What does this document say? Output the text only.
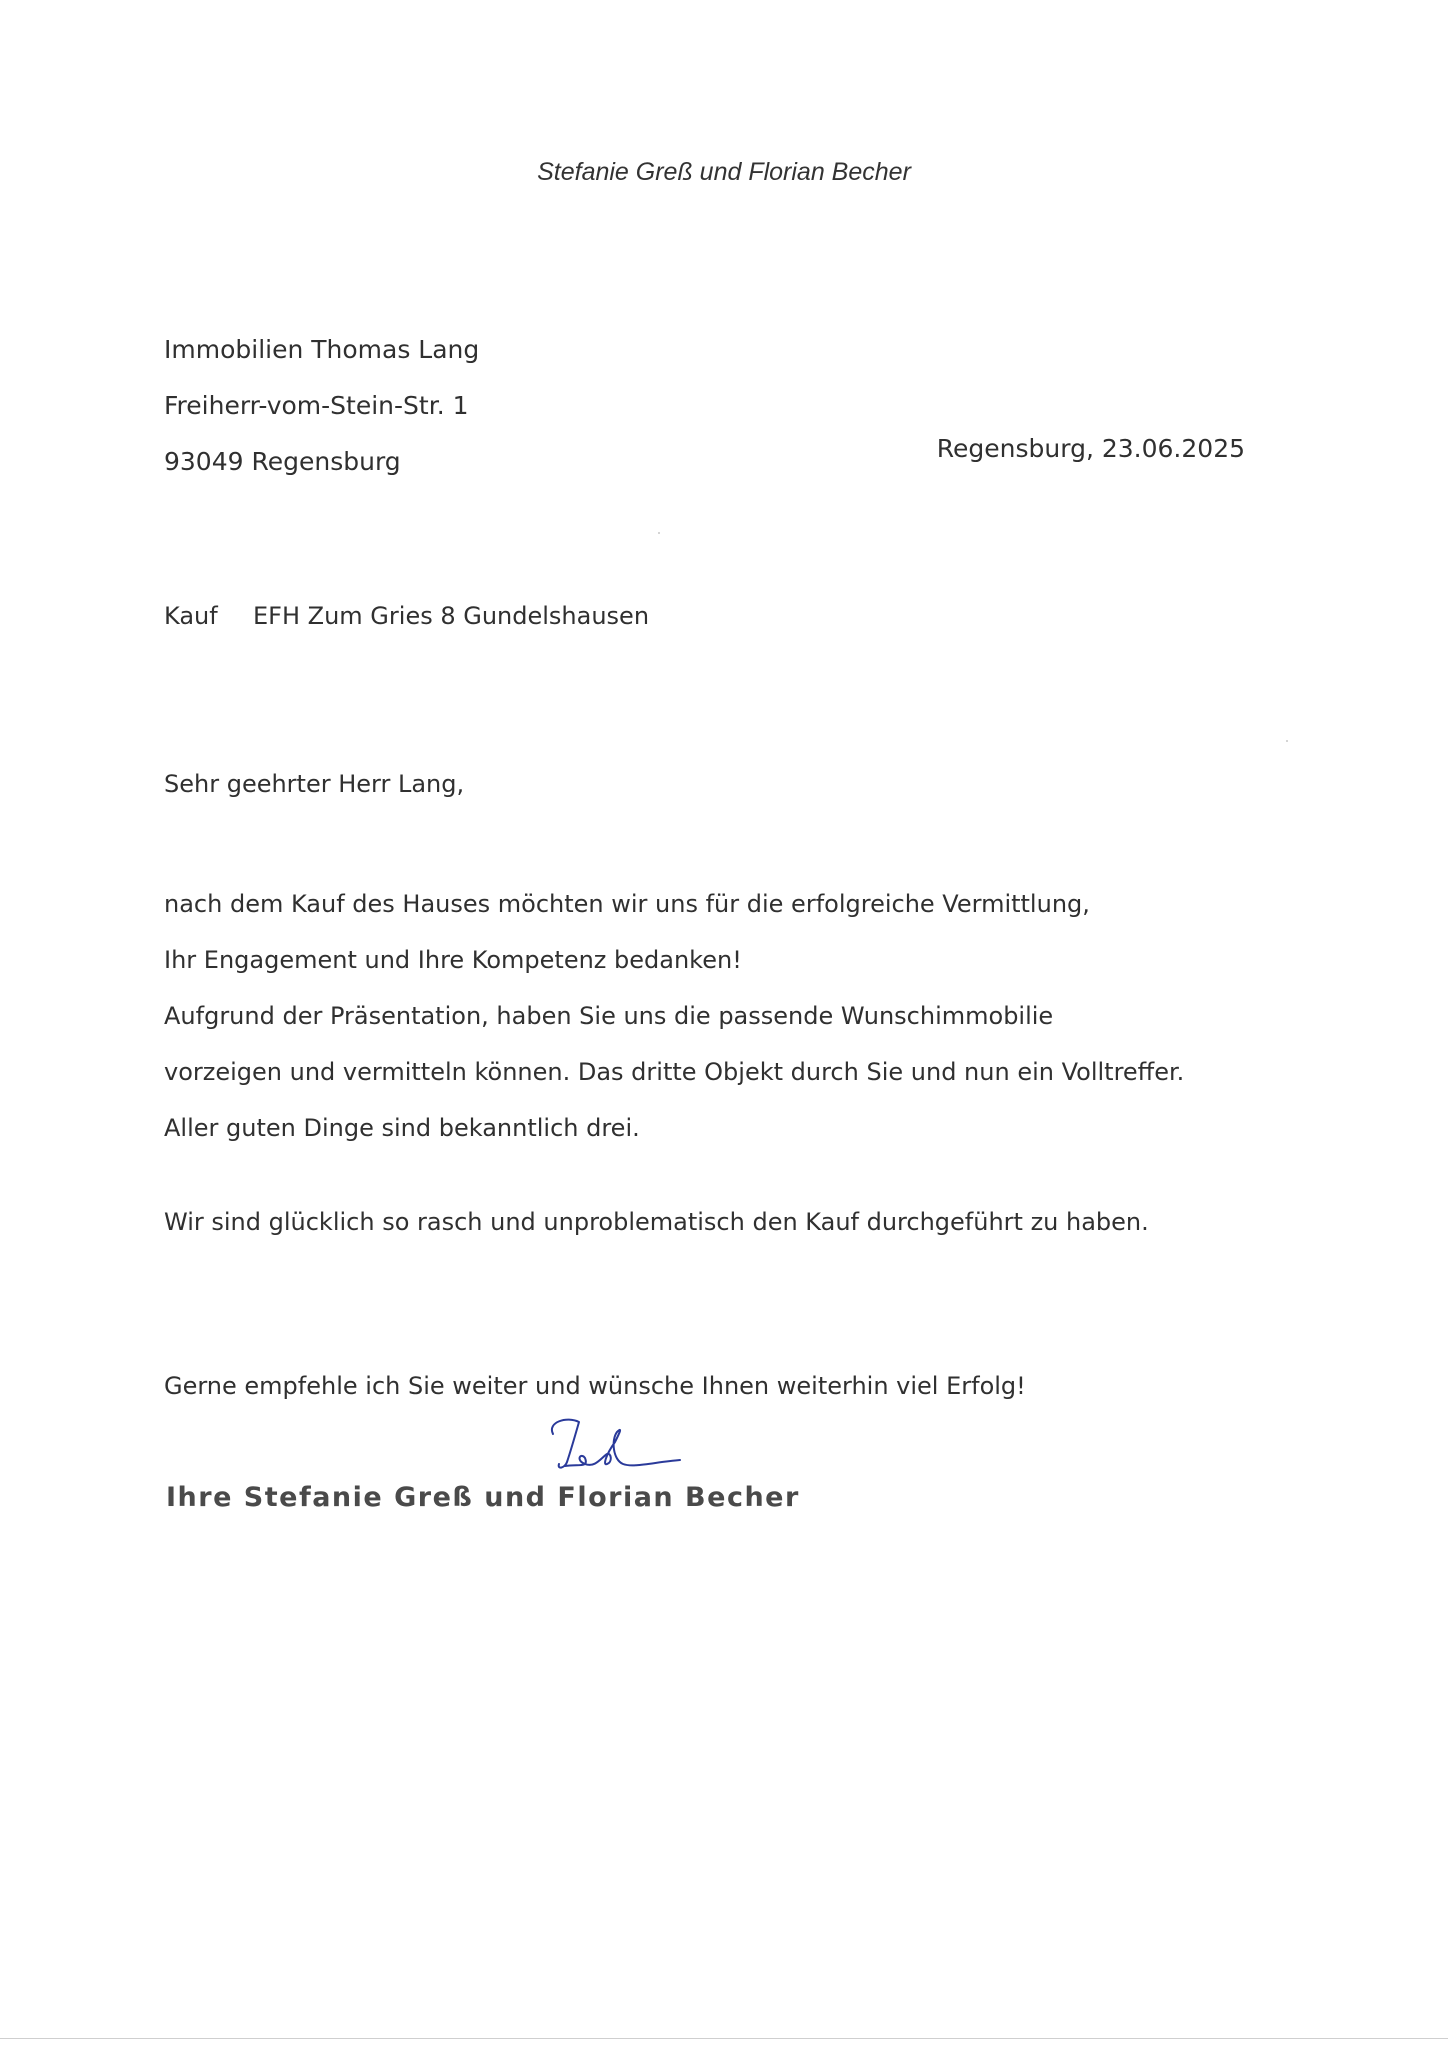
Stefanie Greß und Florian Becher
Immobilien Thomas Lang
Freiherr-vom-Stein-Str. 1
93049 Regensburg	Regensburg, 23.06.2025
Kauf EFH Zum Gries 8 Gundelshausen
Sehr geehrter Herr Lang,
nach dem Kauf des Hauses möchten wir uns für die erfolgreiche Vermittlung,
Ihr Engagement und Ihre Kompetenz bedanken!
Aufgrund der Präsentation, haben Sie uns die passende Wunschimmobilie
vorzeigen und vermitteln können. Das dritte Objekt durch Sie und nun ein Volltreffer.
Aller guten Dinge sind bekanntlich drei.
Wir sind glücklich so rasch und unproblematisch den Kauf durchgeführt zu haben.
Gerne empfehle ich Sie weiter und wünsche Ihnen weiterhin viel Erfolg!
Ihre Stefanie Greß und Florian Becher
